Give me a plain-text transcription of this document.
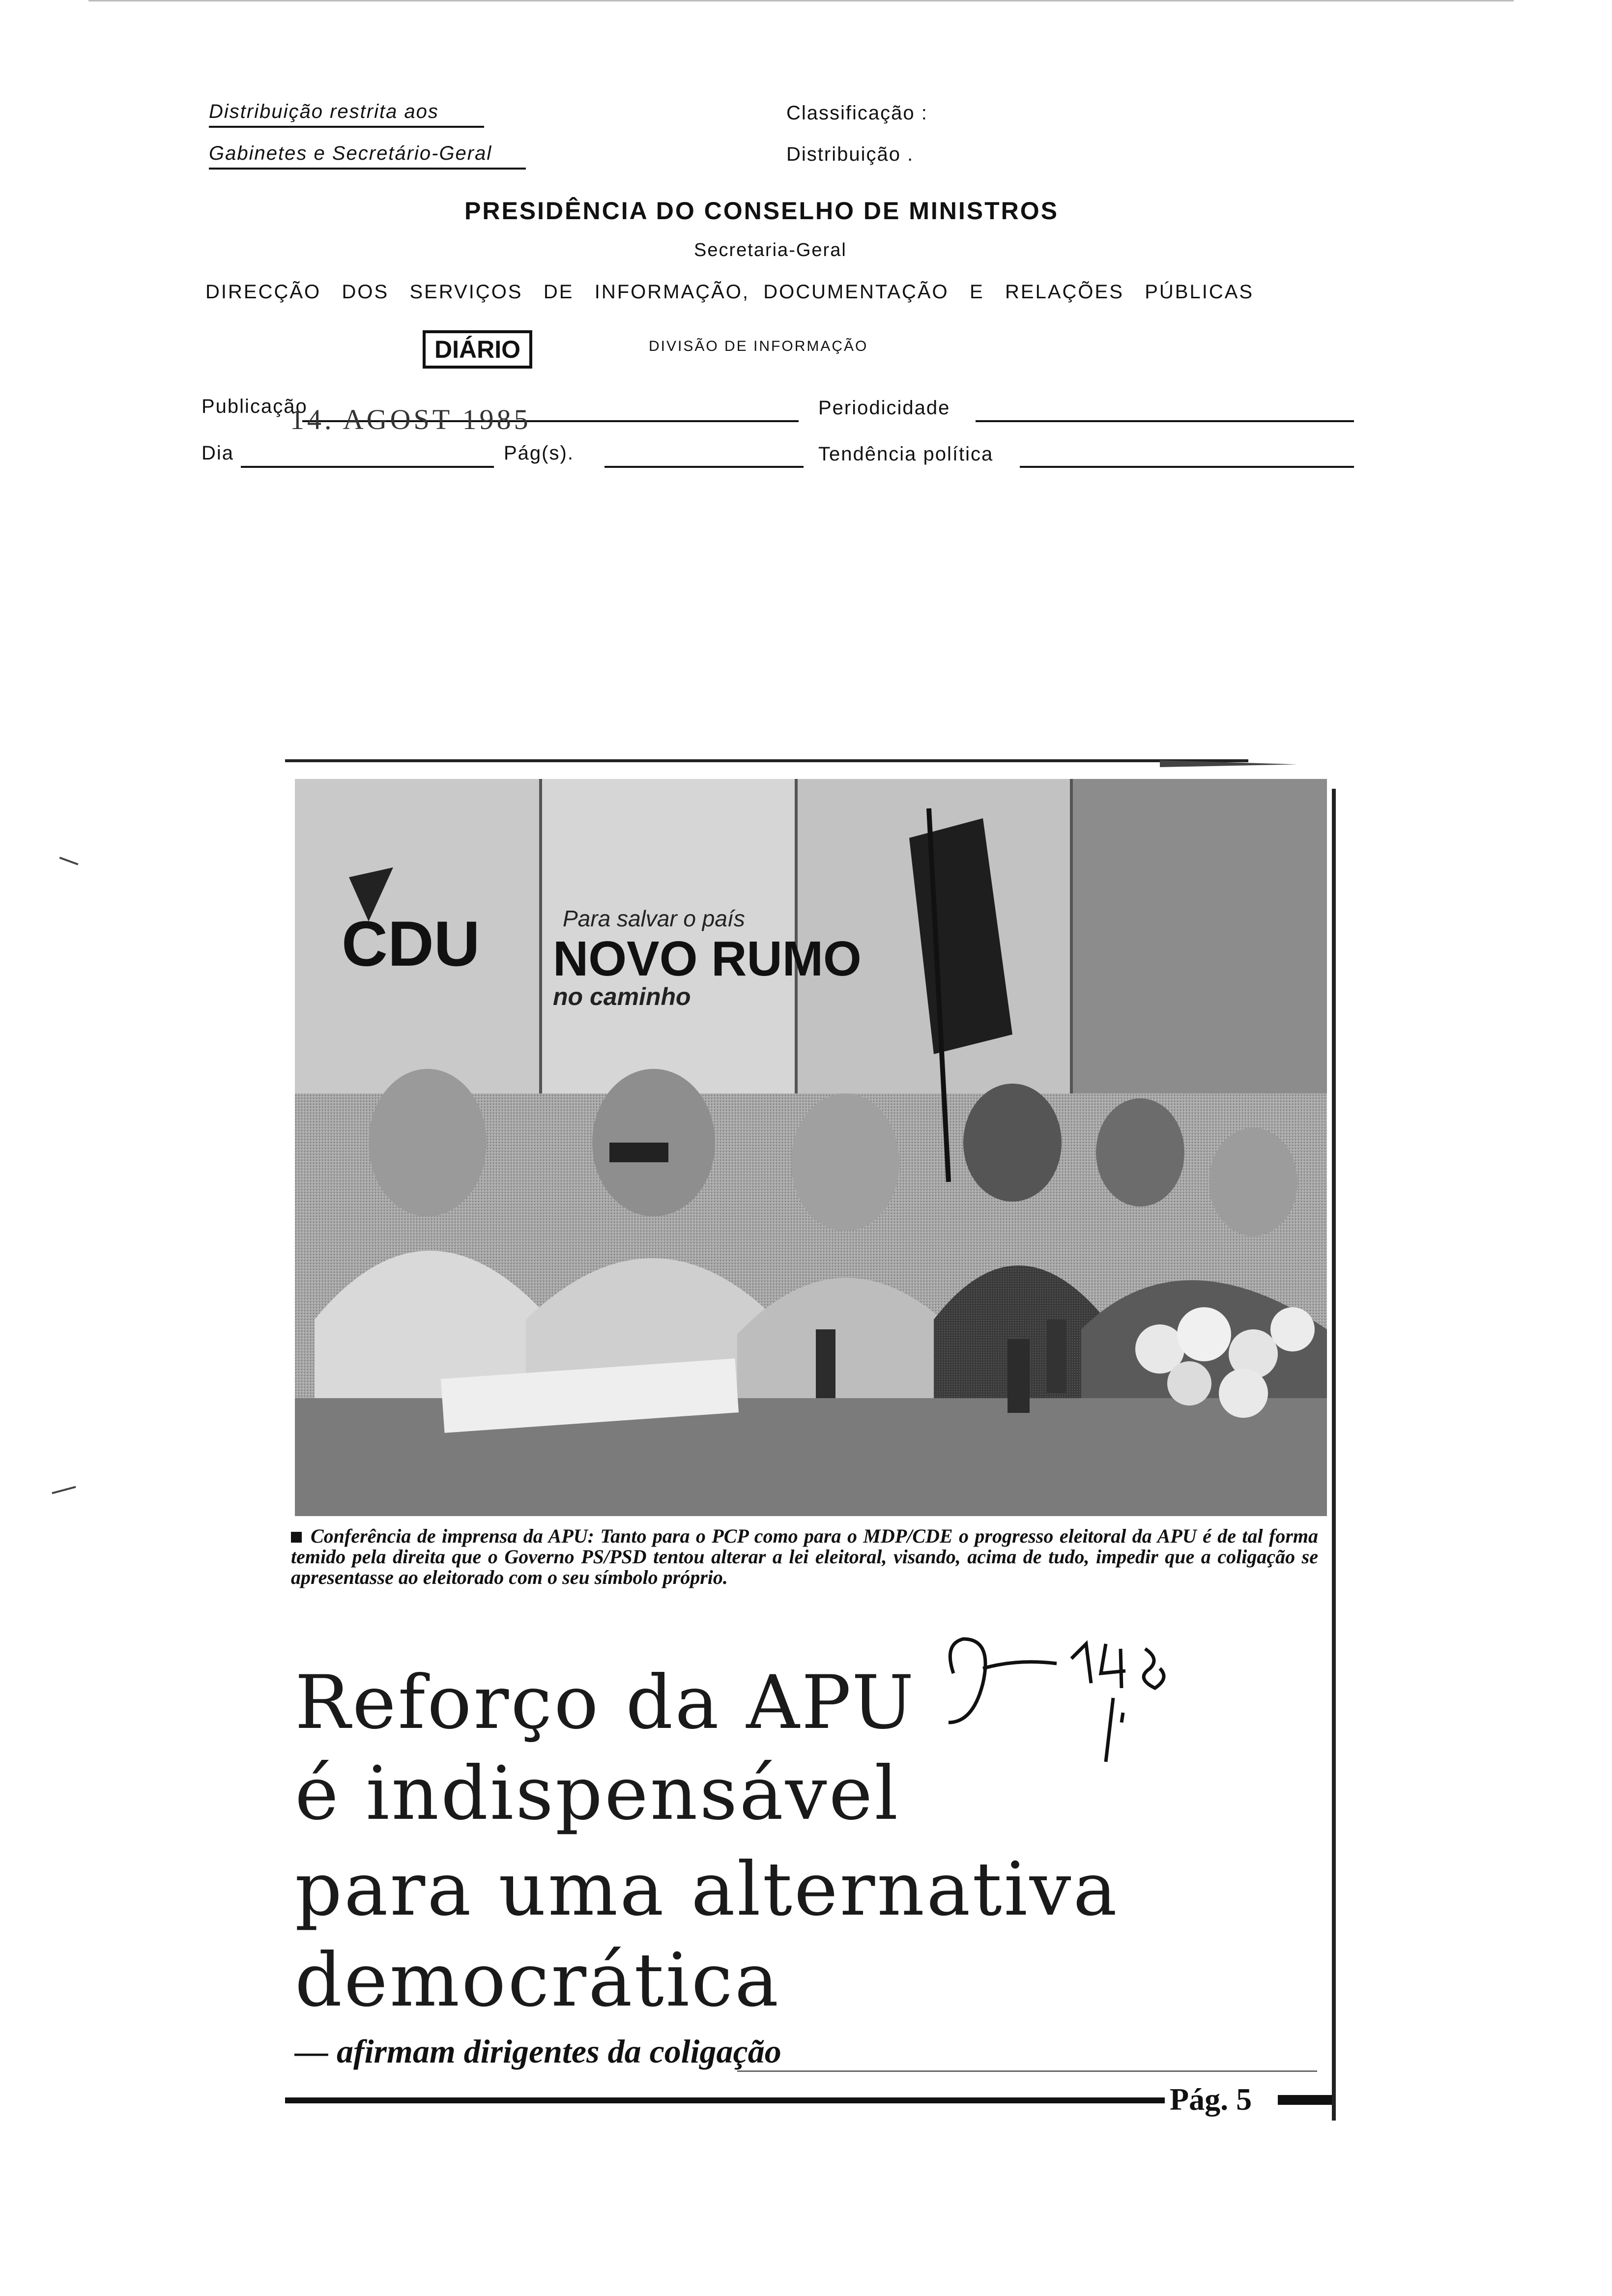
Distribuição restrita aos
Gabinetes e Secretário-Geral
Classificação :
Distribuição .
PRESIDÊNCIA DO CONSELHO DE MINISTROS
Secretaria-Geral
DIRECÇÃO   DOS   SERVIÇOS   DE   INFORMAÇÃO,  DOCUMENTAÇÃO   E   RELAÇÕES   PÚBLICAS
DIÁRIO	DIVISÃO DE INFORMAÇÃO
Publicação
14. AGOST 1985	Periodicidade
Dia	Pág(s).	Tendência política
CDU	Para salvar o país
NOVO RUMO
no caminho
Conferência de imprensa da APU: Tanto para o PCP como para o MDP/CDE o progresso eleitoral da APU é de tal forma temido pela direita que o Governo PS/PSD tentou alterar a lei eleitoral, visando, acima de tudo, impedir que a coligação se apresentasse ao eleitorado com o seu símbolo próprio.
Reforço da APU
é indispensável
para uma alternativa
democrática
— afirmam dirigentes da coligação
Pág. 5
